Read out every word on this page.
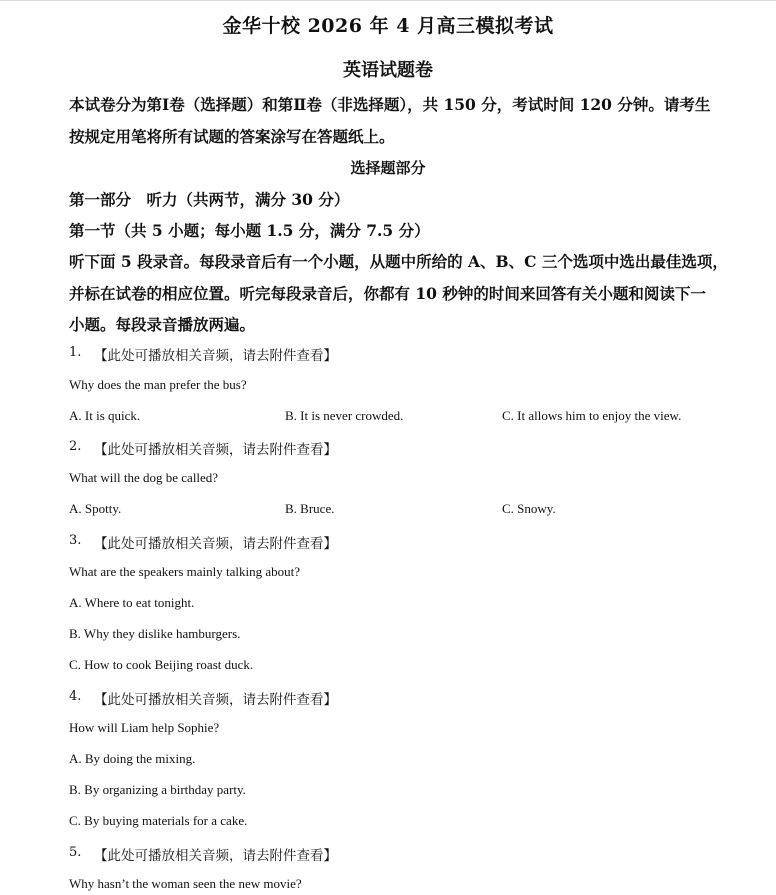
金华十校 2026 年 4 月高三模拟考试
英语试题卷
本试卷分为第Ⅰ卷（选择题）和第Ⅱ卷（非选择题），共 150 分，考试时间 120 分钟。请考生
按规定用笔将所有试题的答案涂写在答题纸上。
选择题部分
第一部分　听力（共两节，满分 30 分）
第一节（共 5 小题；每小题 1.5 分，满分 7.5 分）
听下面 5 段录音。每段录音后有一个小题，从题中所给的 A、B、C 三个选项中选出最佳选项，
并标在试卷的相应位置。听完每段录音后，你都有 10 秒钟的时间来回答有关小题和阅读下一
小题。每段录音播放两遍。
1. 【此处可播放相关音频，请去附件查看】
Why does the man prefer the bus?
A. It is quick.	B. It is never crowded.	C. It allows him to enjoy the view.
2. 【此处可播放相关音频，请去附件查看】
What will the dog be called?
A. Spotty.	B. Bruce.	C. Snowy.
3. 【此处可播放相关音频，请去附件查看】
What are the speakers mainly talking about?
A. Where to eat tonight.
B. Why they dislike hamburgers.
C. How to cook Beijing roast duck.
4. 【此处可播放相关音频，请去附件查看】
How will Liam help Sophie?
A. By doing the mixing.
B. By organizing a birthday party.
C. By buying materials for a cake.
5. 【此处可播放相关音频，请去附件查看】
Why hasn’t the woman seen the new movie?
